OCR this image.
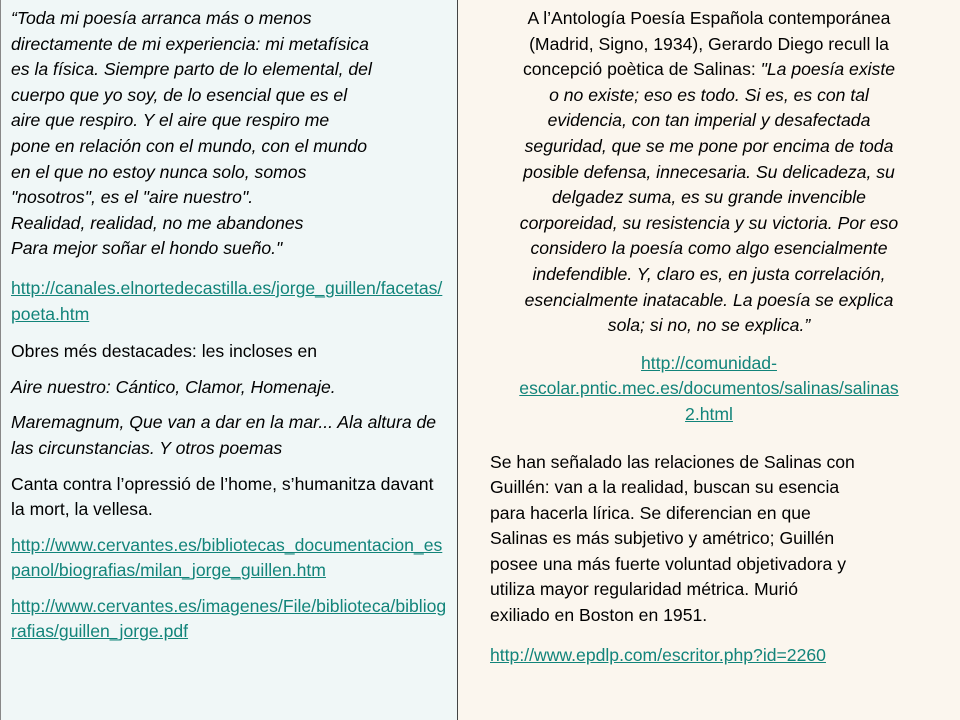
“Toda mi poesía arranca más o menos
directamente de mi experiencia: mi metafísica
es la física. Siempre parto de lo elemental, del
cuerpo que yo soy, de lo esencial que es el
aire que respiro. Y el aire que respiro me
pone en relación con el mundo, con el mundo
en el que no estoy nunca solo, somos
"nosotros", es el "aire nuestro".
Realidad, realidad, no me abandones
Para mejor soñar el hondo sueño."

http://canales.elnortedecastilla.es/jorge_guillen/facetas/poeta.htm

Obres més destacades: les incloses en

Aire nuestro: Cántico, Clamor, Homenaje.

Maremagnum, Que van a dar en la mar... Ala altura de las circunstancias. Y otros poemas

Canta contra l’opressió de l’home, s’humanitza davant la mort, la vellesa.

http://www.cervantes.es/bibliotecas_documentacion_espanol/biografias/milan_jorge_guillen.htm

http://www.cervantes.es/imagenes/File/biblioteca/bibliografias/guillen_jorge.pdf

A l’Antología Poesía Española contemporánea
(Madrid, Signo, 1934), Gerardo Diego recull la
concepció poètica de Salinas: "La poesía existe
o no existe; eso es todo. Si es, es con tal
evidencia, con tan imperial y desafectada
seguridad, que se me pone por encima de toda
posible defensa, innecesaria. Su delicadeza, su
delgadez suma, es su grande invencible
corporeidad, su resistencia y su victoria. Por eso
considero la poesía como algo esencialmente
indefendible. Y, claro es, en justa correlación,
esencialmente inatacable. La poesía se explica
sola; si no, no se explica.”

http://comunidad-
escolar.pntic.mec.es/documentos/salinas/salinas
2.html

Se han señalado las relaciones de Salinas con
Guillén: van a la realidad, buscan su esencia
para hacerla lírica. Se diferencian en que
Salinas es más subjetivo y amétrico; Guillén
posee una más fuerte voluntad objetivadora y
utiliza mayor regularidad métrica. Murió
exiliado en Boston en 1951.

http://www.epdlp.com/escritor.php?id=2260
